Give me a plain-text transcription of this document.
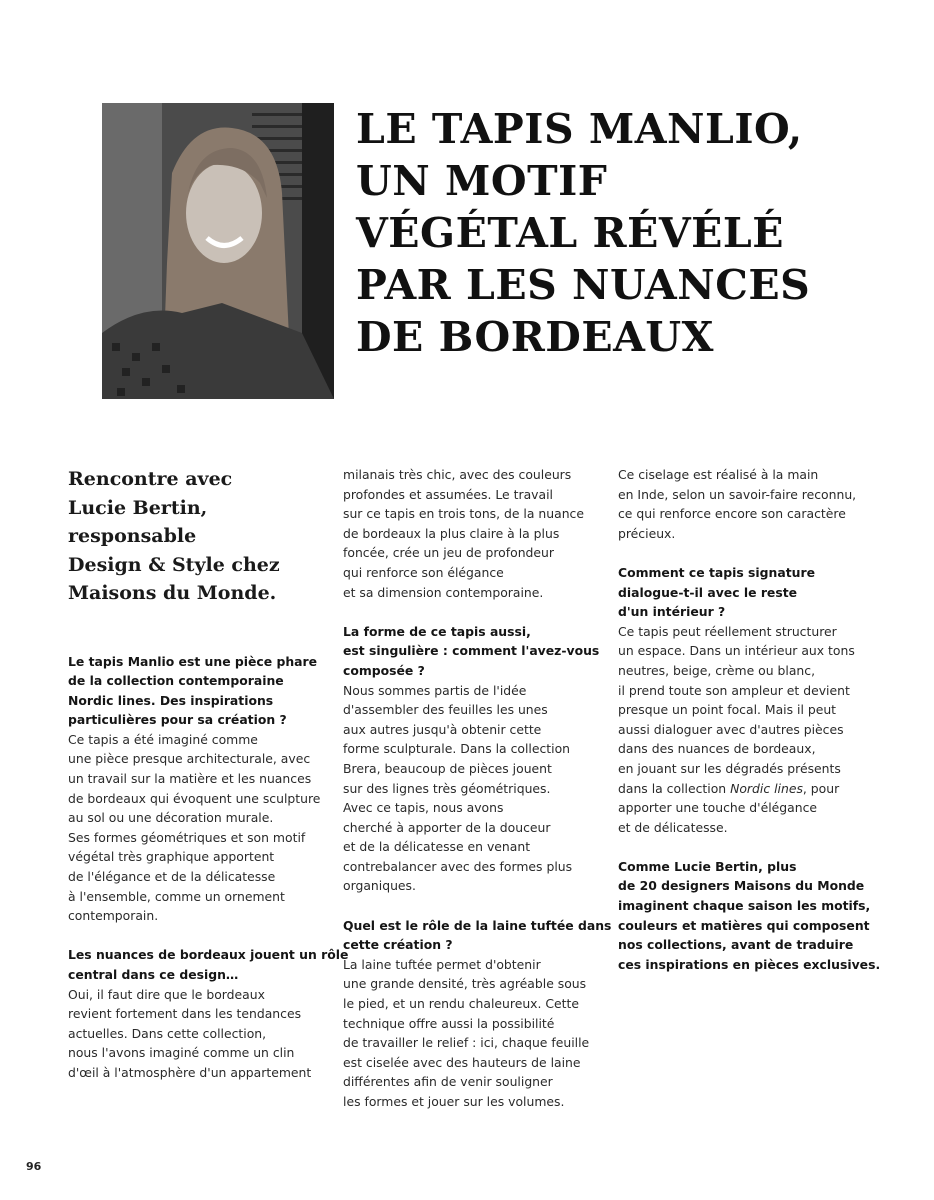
LE TAPIS MANLIO,
UN MOTIF
VÉGÉTAL RÉVÉLÉ
PAR LES NUANCES
DE BORDEAUX
Rencontre avec
Lucie Bertin,
responsable
Design & Style chez
Maisons du Monde.
Le tapis Manlio est une pièce phare
de la collection contemporaine
Nordic lines. Des inspirations
particulières pour sa création ?
Ce tapis a été imaginé comme
une pièce presque architecturale, avec
un travail sur la matière et les nuances
de bordeaux qui évoquent une sculpture
au sol ou une décoration murale.
Ses formes géométriques et son motif
végétal très graphique apportent
de l'élégance et de la délicatesse
à l'ensemble, comme un ornement
contemporain.
Les nuances de bordeaux jouent un rôle
central dans ce design…
Oui, il faut dire que le bordeaux
revient fortement dans les tendances
actuelles. Dans cette collection,
nous l'avons imaginé comme un clin
d'œil à l'atmosphère d'un appartement
milanais très chic, avec des couleurs
profondes et assumées. Le travail
sur ce tapis en trois tons, de la nuance
de bordeaux la plus claire à la plus
foncée, crée un jeu de profondeur
qui renforce son élégance
et sa dimension contemporaine.
La forme de ce tapis aussi,
est singulière : comment l'avez-vous
composée ?
Nous sommes partis de l'idée
d'assembler des feuilles les unes
aux autres jusqu'à obtenir cette
forme sculpturale. Dans la collection
Brera, beaucoup de pièces jouent
sur des lignes très géométriques.
Avec ce tapis, nous avons
cherché à apporter de la douceur
et de la délicatesse en venant
contrebalancer avec des formes plus
organiques.
Quel est le rôle de la laine tuftée dans
cette création ?
La laine tuftée permet d'obtenir
une grande densité, très agréable sous
le pied, et un rendu chaleureux. Cette
technique offre aussi la possibilité
de travailler le relief : ici, chaque feuille
est ciselée avec des hauteurs de laine
différentes afin de venir souligner
les formes et jouer sur les volumes.
Ce ciselage est réalisé à la main
en Inde, selon un savoir-faire reconnu,
ce qui renforce encore son caractère
précieux.
Comment ce tapis signature
dialogue-t-il avec le reste
d'un intérieur ?
Ce tapis peut réellement structurer
un espace. Dans un intérieur aux tons
neutres, beige, crème ou blanc,
il prend toute son ampleur et devient
presque un point focal. Mais il peut
aussi dialoguer avec d'autres pièces
dans des nuances de bordeaux,
en jouant sur les dégradés présents
dans la collection Nordic lines, pour
apporter une touche d'élégance
et de délicatesse.
Comme Lucie Bertin, plus
de 20 designers Maisons du Monde
imaginent chaque saison les motifs,
couleurs et matières qui composent
nos collections, avant de traduire
ces inspirations en pièces exclusives.
96
